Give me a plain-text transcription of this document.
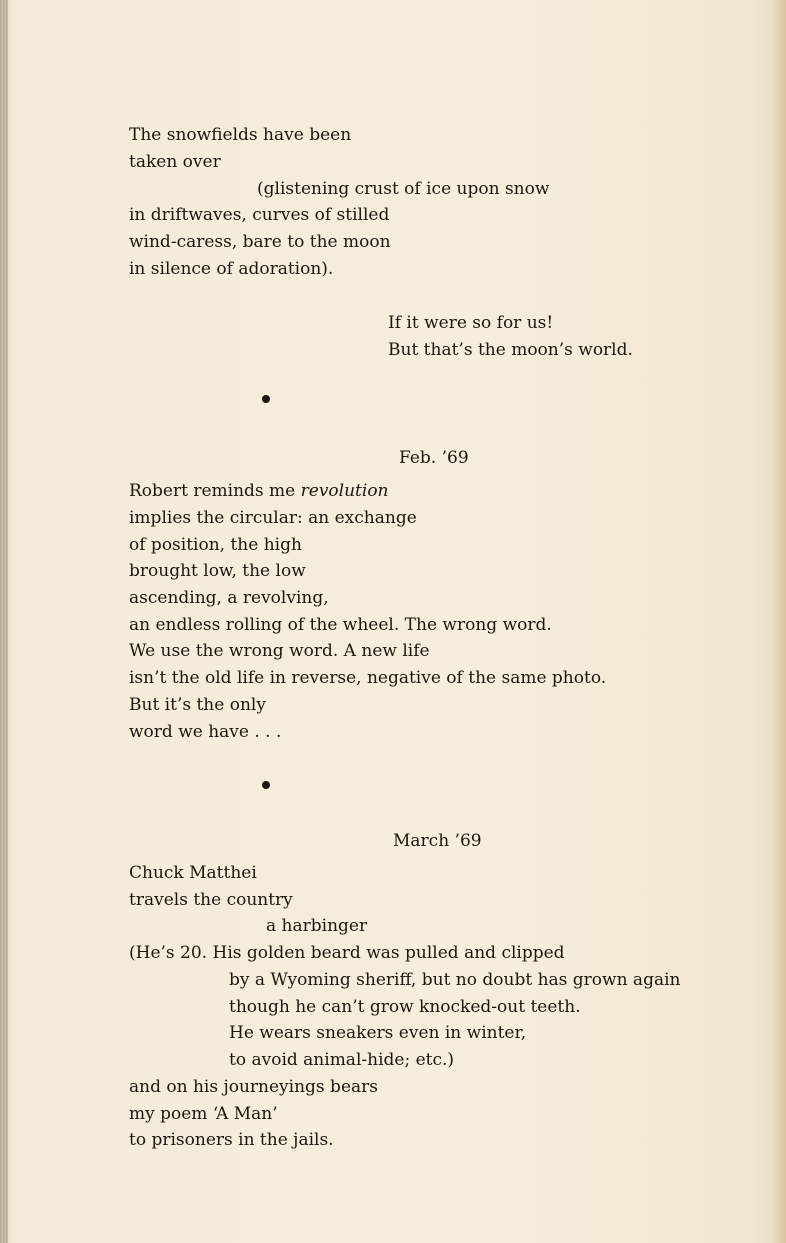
The snowfields have been

taken over

(glistening crust of ice upon snow

in driftwaves, curves of stilled

wind-caress, bare to the moon

in silence of adoration).

If it were so for us!

But that’s the moon’s world.

Feb. ’69

Robert reminds me revolution

implies the circular: an exchange

of position, the high

brought low, the low

ascending, a revolving,

an endless rolling of the wheel. The wrong word.

We use the wrong word. A new life

isn’t the old life in reverse, negative of the same photo.

But it’s the only

word we have . . .

March ’69

Chuck Matthei

travels the country

a harbinger

(He’s 20. His golden beard was pulled and clipped

by a Wyoming sheriff, but no doubt has grown again

though he can’t grow knocked-out teeth.

He wears sneakers even in winter,

to avoid animal-hide; etc.)

and on his journeyings bears

my poem ‘A Man’

to prisoners in the jails.
